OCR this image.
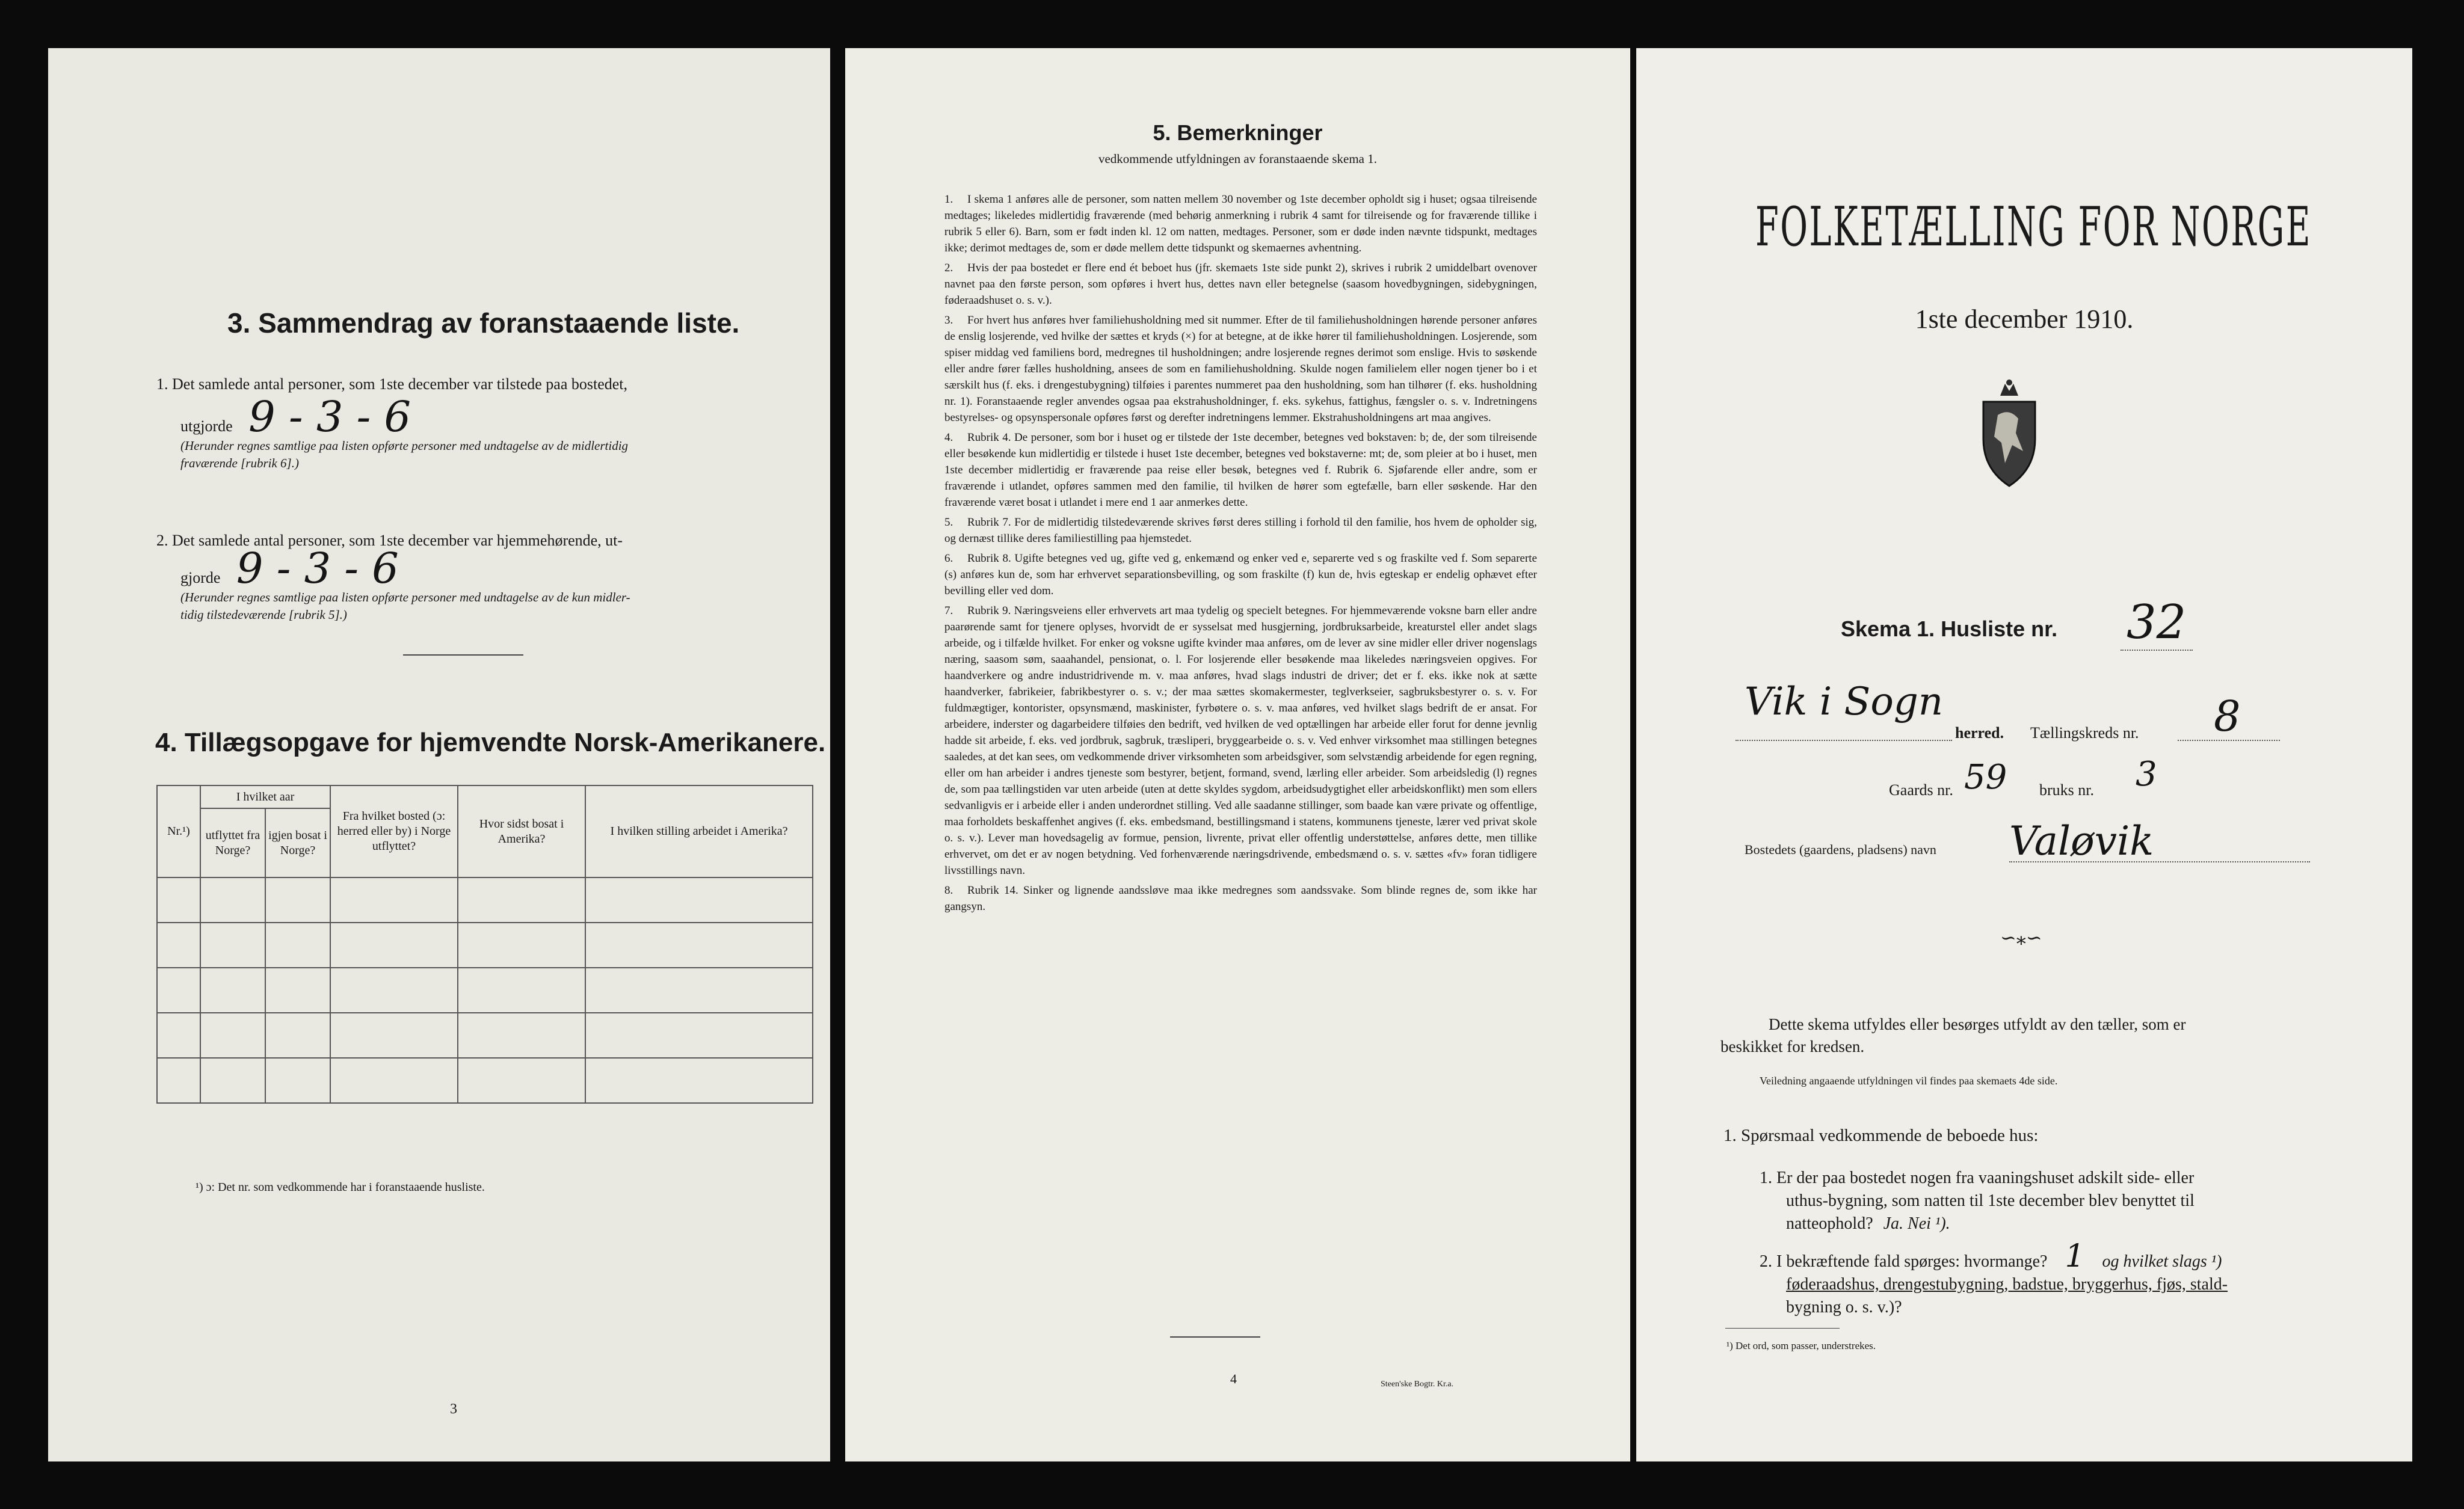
3. Sammendrag av foranstaaende liste.
1. Det samlede antal personer, som 1ste december var tilstede paa bostedet,
utgjorde 9 - 3 - 6
(Herunder regnes samtlige paa listen opførte personer med undtagelse av de midlertidig
fraværende [rubrik 6].)
2. Det samlede antal personer, som 1ste december var hjemmehørende, ut-
gjorde 9 - 3 - 6
(Herunder regnes samtlige paa listen opførte personer med undtagelse av de kun midler-
tidig tilstedeværende [rubrik 5].)
4. Tillægsopgave for hjemvendte Norsk-Amerikanere.
Nr.¹)	I hvilket aar		Fra hvilket bosted (ɔ: herred eller by) i Norge utflyttet?	Hvor sidst bosat i Amerika?	I hvilken stilling arbeidet i Amerika?
	utflyttet fra Norge?	igjen bosat i Norge?			

¹) ɔ: Det nr. som vedkommende har i foranstaaende husliste.
3
5. Bemerkninger
vedkommende utfyldningen av foranstaaende skema 1.

1. I skema 1 anføres alle de personer, som natten mellem 30 november og 1ste december opholdt sig i huset; ogsaa tilreisende medtages; likeledes midlertidig fraværende (med behørig anmerkning i rubrik 4 samt for tilreisende og for fraværende tillike i rubrik 5 eller 6). Barn, som er født inden kl. 12 om natten, medtages. Personer, som er døde inden nævnte tidspunkt, medtages ikke; derimot medtages de, som er døde mellem dette tidspunkt og skemaernes avhentning.

2. Hvis der paa bostedet er flere end ét beboet hus (jfr. skemaets 1ste side punkt 2), skrives i rubrik 2 umiddelbart ovenover navnet paa den første person, som opføres i hvert hus, dettes navn eller betegnelse (saasom hovedbygningen, sidebygningen, føderaadshuset o. s. v.).

3. For hvert hus anføres hver familiehusholdning med sit nummer. Efter de til familiehusholdningen hørende personer anføres de enslig losjerende, ved hvilke der sættes et kryds (×) for at betegne, at de ikke hører til familiehusholdningen. Losjerende, som spiser middag ved familiens bord, medregnes til husholdningen; andre losjerende regnes derimot som enslige. Hvis to søskende eller andre fører fælles husholdning, ansees de som en familiehusholdning. Skulde nogen familielem eller nogen tjener bo i et særskilt hus (f. eks. i drengestubygning) tilføies i parentes nummeret paa den husholdning, som han tilhører (f. eks. husholdning nr. 1). Foranstaaende regler anvendes ogsaa paa ekstrahusholdninger, f. eks. sykehus, fattighus, fængsler o. s. v. Indretningens bestyrelses- og opsynspersonale opføres først og derefter indretningens lemmer. Ekstrahusholdningens art maa angives.

4. Rubrik 4. De personer, som bor i huset og er tilstede der 1ste december, betegnes ved bokstaven: b; de, der som tilreisende eller besøkende kun midlertidig er tilstede i huset 1ste december, betegnes ved bokstaverne: mt; de, som pleier at bo i huset, men 1ste december midlertidig er fraværende paa reise eller besøk, betegnes ved f. Rubrik 6. Sjøfarende eller andre, som er fraværende i utlandet, opføres sammen med den familie, til hvilken de hører som egtefælle, barn eller søskende. Har den fraværende været bosat i utlandet i mere end 1 aar anmerkes dette.

5. Rubrik 7. For de midlertidig tilstedeværende skrives først deres stilling i forhold til den familie, hos hvem de opholder sig, og dernæst tillike deres familiestilling paa hjemstedet.

6. Rubrik 8. Ugifte betegnes ved ug, gifte ved g, enkemænd og enker ved e, separerte ved s og fraskilte ved f. Som separerte (s) anføres kun de, som har erhvervet separationsbevilling, og som fraskilte (f) kun de, hvis egteskap er endelig ophævet efter bevilling eller ved dom.

7. Rubrik 9. Næringsveiens eller erhvervets art maa tydelig og specielt betegnes. For hjemmeværende voksne barn eller andre paarørende samt for tjenere oplyses, hvorvidt de er sysselsat med husgjerning, jordbruksarbeide, kreaturstel eller andet slags arbeide, og i tilfælde hvilket. For enker og voksne ugifte kvinder maa anføres, om de lever av sine midler eller driver nogenslags næring, saasom søm, saaahandel, pensionat, o. l. For losjerende eller besøkende maa likeledes næringsveien opgives. For haandverkere og andre industridrivende m. v. maa anføres, hvad slags industri de driver; det er f. eks. ikke nok at sætte haandverker, fabrikeier, fabrikbestyrer o. s. v.; der maa sættes skomakermester, teglverkseier, sagbruksbestyrer o. s. v. For fuldmægtiger, kontorister, opsynsmænd, maskinister, fyrbøtere o. s. v. maa anføres, ved hvilket slags bedrift de er ansat. For arbeidere, inderster og dagarbeidere tilføies den bedrift, ved hvilken de ved optællingen har arbeide eller forut for denne jevnlig hadde sit arbeide, f. eks. ved jordbruk, sagbruk, træsliperi, bryggearbeide o. s. v. Ved enhver virksomhet maa stillingen betegnes saaledes, at det kan sees, om vedkommende driver virksomheten som arbeidsgiver, som selvstændig arbeidende for egen regning, eller om han arbeider i andres tjeneste som bestyrer, betjent, formand, svend, lærling eller arbeider. Som arbeidsledig (l) regnes de, som paa tællingstiden var uten arbeide (uten at dette skyldes sygdom, arbeidsudygtighet eller arbeidskonflikt) men som ellers sedvanligvis er i arbeide eller i anden underordnet stilling. Ved alle saadanne stillinger, som baade kan være private og offentlige, maa forholdets beskaffenhet angives (f. eks. embedsmand, bestillingsmand i statens, kommunens tjeneste, lærer ved privat skole o. s. v.). Lever man hovedsagelig av formue, pension, livrente, privat eller offentlig understøttelse, anføres dette, men tillike erhvervet, om det er av nogen betydning. Ved forhenværende næringsdrivende, embedsmænd o. s. v. sættes «fv» foran tidligere livsstillings navn.

8. Rubrik 14. Sinker og lignende aandssløve maa ikke medregnes som aandssvake. Som blinde regnes de, som ikke har gangsyn.

4	Steen'ske Bogtr. Kr.a.
FOLKETÆLLING FOR NORGE
1ste december 1910.
Skema 1. Husliste nr. 32
Vik i Sogn
herred. Tællingskreds nr. 8
Gaards nr. 59 bruks nr. 3
Bostedets (gaardens, pladsens) navn Valøvik
∽⁎∽
Dette skema utfyldes eller besørges utfyldt av den tæller, som er
beskikket for kredsen.
Veiledning angaaende utfyldningen vil findes paa skemaets 4de side.
1. Spørsmaal vedkommende de beboede hus:
1. Er der paa bostedet nogen fra vaaningshuset adskilt side- eller
uthus-bygning, som natten til 1ste december blev benyttet til
natteophold? Ja. Nei ¹).
2. I bekræftende fald spørges: hvormange? 1 og hvilket slags ¹)
føderaadshus, drengestubygning, badstue, bryggerhus, fjøs, stald-
bygning o. s. v.)?
¹) Det ord, som passer, understrekes.
